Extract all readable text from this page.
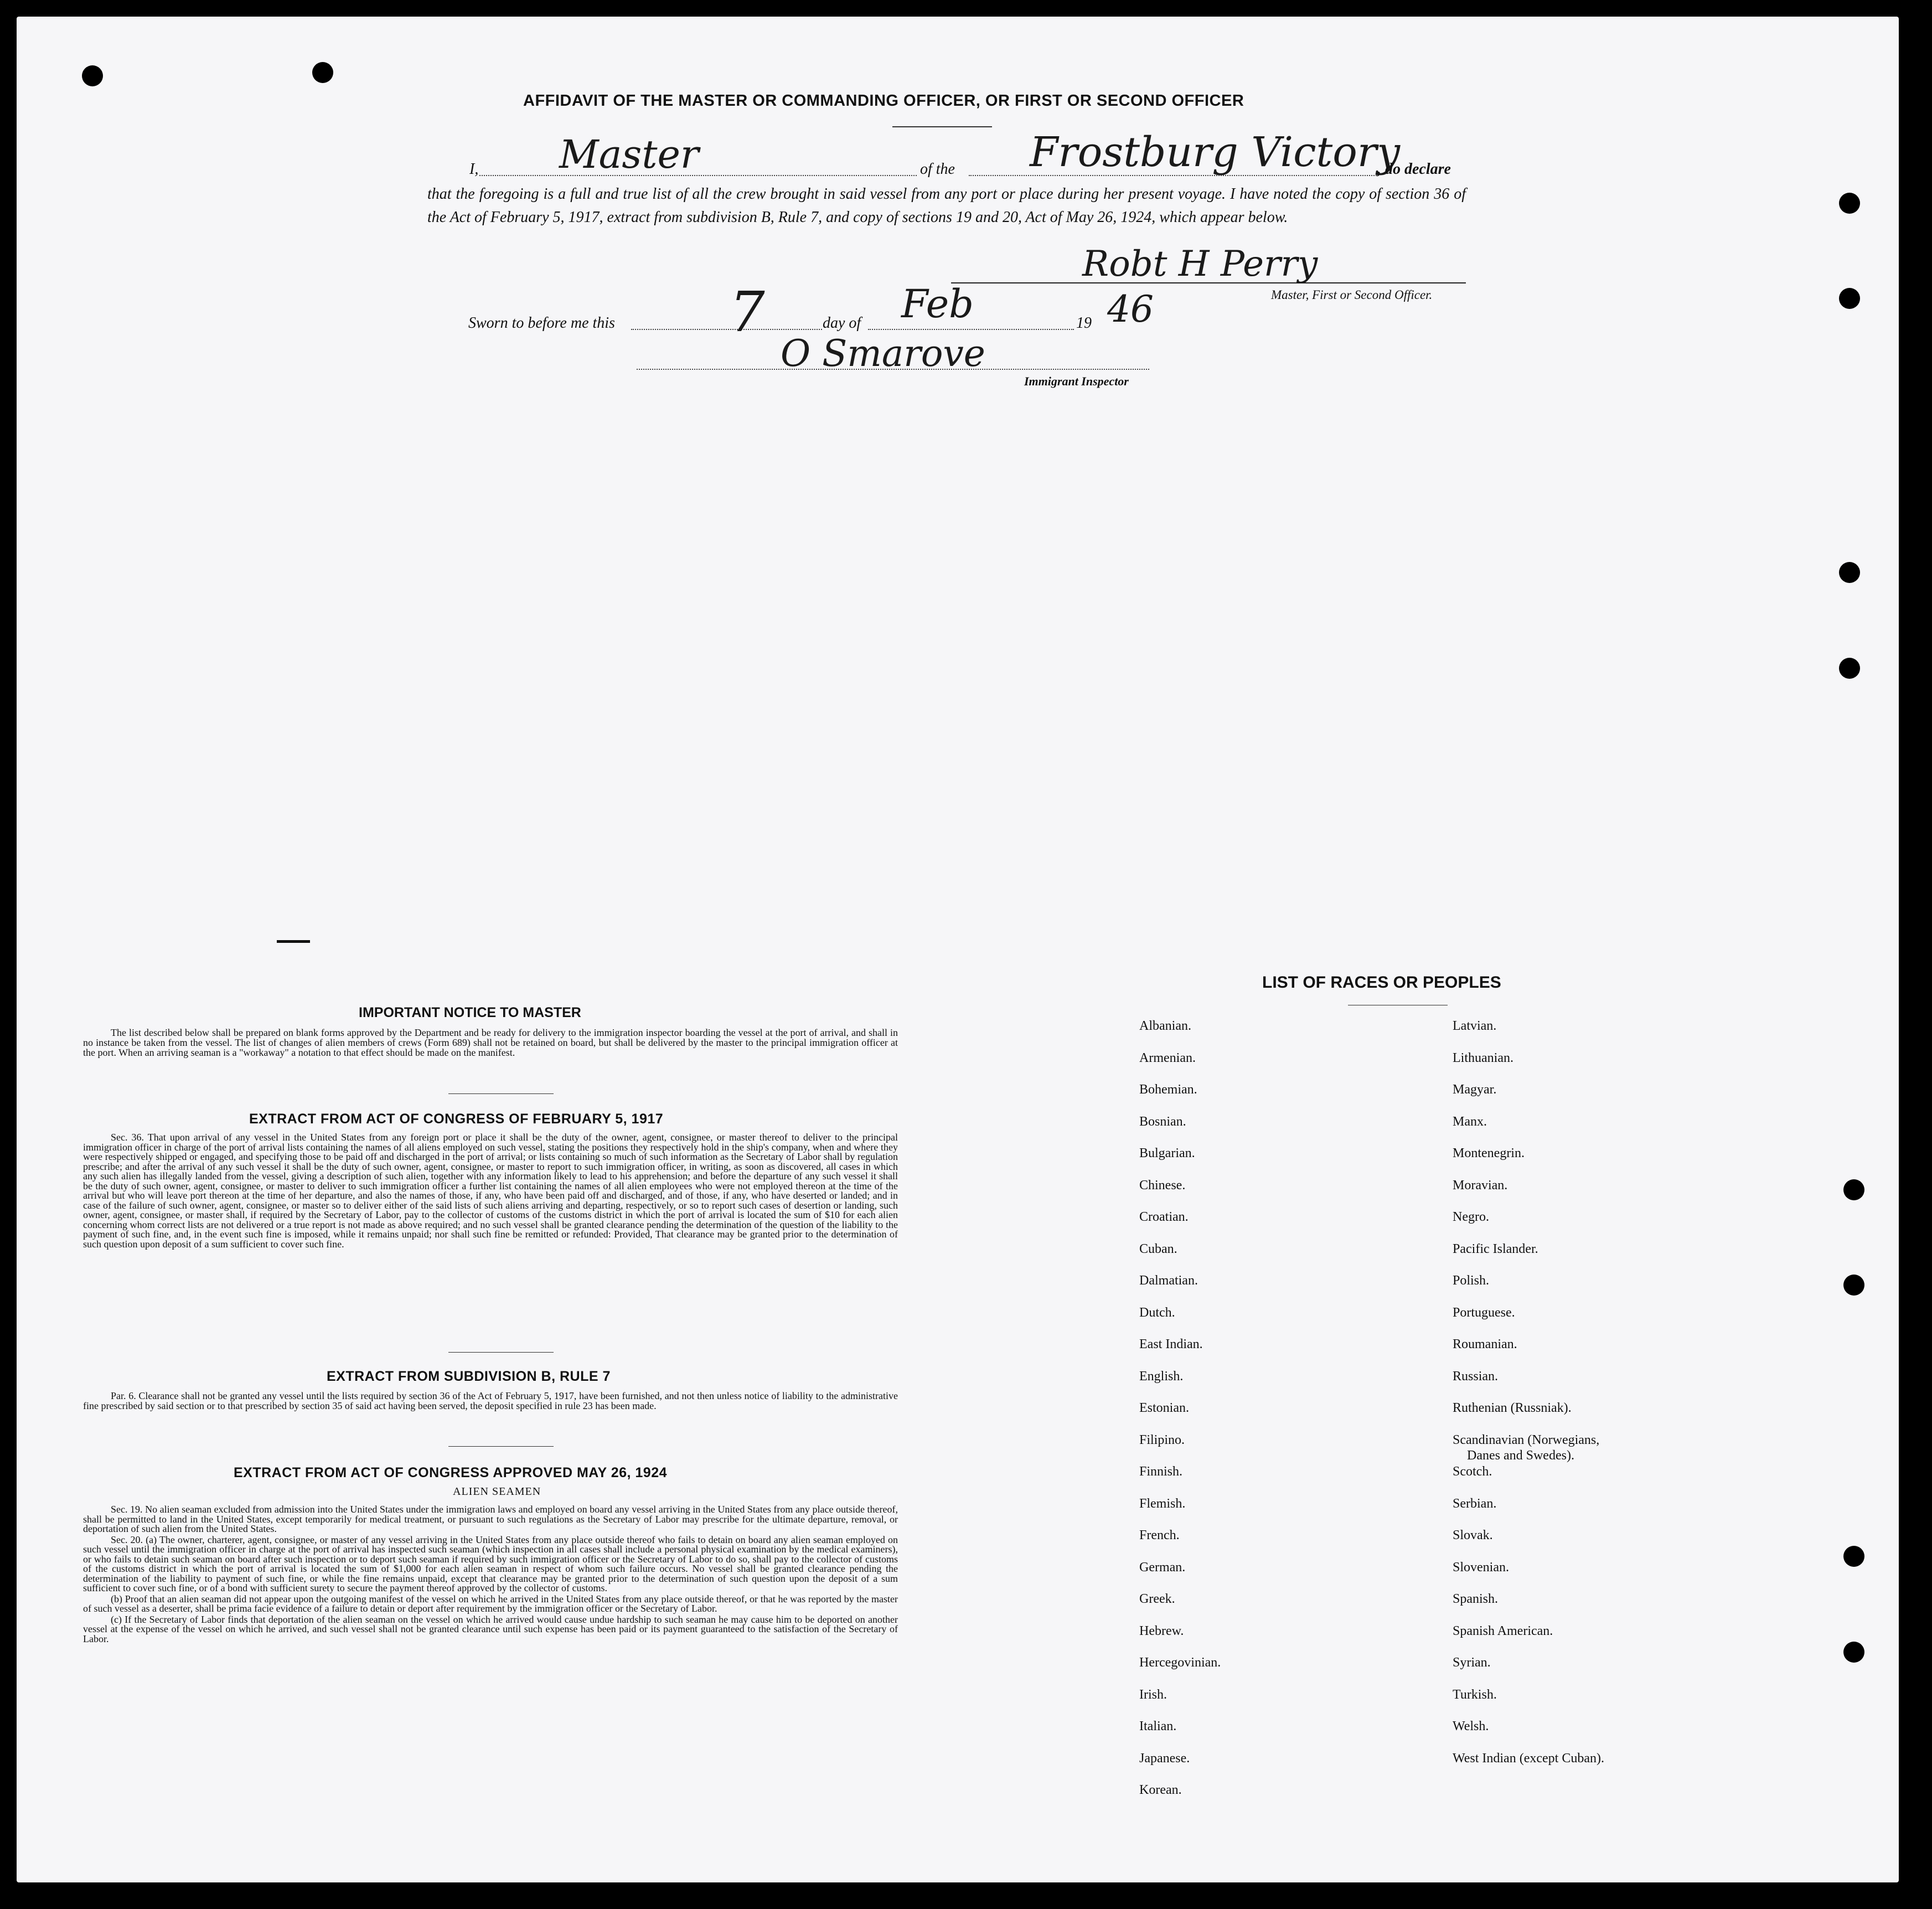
AFFIDAVIT OF THE MASTER OR COMMANDING OFFICER, OR FIRST OR SECOND OFFICER
I, Master	of the Frostburg Victory
, do declare
that the foregoing is a full and true list of all the crew brought in said vessel from any port or place during her present voyage. I have noted the copy of section 36 of the Act of February 5, 1917, extract from subdivision B, Rule 7, and copy of sections 19 and 20, Act of May 26, 1924, which appear below.
Robt H Perry
Master, First or Second Officer.
Sworn to before me this 7	day of Feb	19 46
O Smarove
Immigrant Inspector
IMPORTANT NOTICE TO MASTER

The list described below shall be prepared on blank forms approved by the Department and be ready for delivery to the immigration inspector boarding the vessel at the port of arrival, and shall in no instance be taken from the vessel. The list of changes of alien members of crews (Form 689) shall not be retained on board, but shall be delivered by the master to the principal immigration officer at the port. When an arriving seaman is a "workaway" a notation to that effect should be made on the manifest.

EXTRACT FROM ACT OF CONGRESS OF FEBRUARY 5, 1917

Sec. 36. That upon arrival of any vessel in the United States from any foreign port or place it shall be the duty of the owner, agent, consignee, or master thereof to deliver to the principal immigration officer in charge of the port of arrival lists containing the names of all aliens employed on such vessel, stating the positions they respectively hold in the ship's company, when and where they were respectively shipped or engaged, and specifying those to be paid off and discharged in the port of arrival; or lists containing so much of such information as the Secretary of Labor shall by regulation prescribe; and after the arrival of any such vessel it shall be the duty of such owner, agent, consignee, or master to report to such immigration officer, in writing, as soon as discovered, all cases in which any such alien has illegally landed from the vessel, giving a description of such alien, together with any information likely to lead to his apprehension; and before the departure of any such vessel it shall be the duty of such owner, agent, consignee, or master to deliver to such immigration officer a further list containing the names of all alien employees who were not employed thereon at the time of the arrival but who will leave port thereon at the time of her departure, and also the names of those, if any, who have been paid off and discharged, and of those, if any, who have deserted or landed; and in case of the failure of such owner, agent, consignee, or master so to deliver either of the said lists of such aliens arriving and departing, respectively, or so to report such cases of desertion or landing, such owner, agent, consignee, or master shall, if required by the Secretary of Labor, pay to the collector of customs of the customs district in which the port of arrival is located the sum of $10 for each alien concerning whom correct lists are not delivered or a true report is not made as above required; and no such vessel shall be granted clearance pending the determination of the question of the liability to the payment of such fine, and, in the event such fine is imposed, while it remains unpaid; nor shall such fine be remitted or refunded: Provided, That clearance may be granted prior to the determination of such question upon deposit of a sum sufficient to cover such fine.

EXTRACT FROM SUBDIVISION B, RULE 7

Par. 6. Clearance shall not be granted any vessel until the lists required by section 36 of the Act of February 5, 1917, have been furnished, and not then unless notice of liability to the administrative fine prescribed by said section or to that prescribed by section 35 of said act having been served, the deposit specified in rule 23 has been made.

EXTRACT FROM ACT OF CONGRESS APPROVED MAY 26, 1924
ALIEN SEAMEN

Sec. 19. No alien seaman excluded from admission into the United States under the immigration laws and employed on board any vessel arriving in the United States from any place outside thereof, shall be permitted to land in the United States, except temporarily for medical treatment, or pursuant to such regulations as the Secretary of Labor may prescribe for the ultimate departure, removal, or deportation of such alien from the United States.

Sec. 20. (a) The owner, charterer, agent, consignee, or master of any vessel arriving in the United States from any place outside thereof who fails to detain on board any alien seaman employed on such vessel until the immigration officer in charge at the port of arrival has inspected such seaman (which inspection in all cases shall include a personal physical examination by the medical examiners), or who fails to detain such seaman on board after such inspection or to deport such seaman if required by such immigration officer or the Secretary of Labor to do so, shall pay to the collector of customs of the customs district in which the port of arrival is located the sum of $1,000 for each alien seaman in respect of whom such failure occurs. No vessel shall be granted clearance pending the determination of the liability to payment of such fine, or while the fine remains unpaid, except that clearance may be granted prior to the determination of such question upon the deposit of a sum sufficient to cover such fine, or of a bond with sufficient surety to secure the payment thereof approved by the collector of customs.

(b) Proof that an alien seaman did not appear upon the outgoing manifest of the vessel on which he arrived in the United States from any place outside thereof, or that he was reported by the master of such vessel as a deserter, shall be prima facie evidence of a failure to detain or deport after requirement by the immigration officer or the Secretary of Labor.

(c) If the Secretary of Labor finds that deportation of the alien seaman on the vessel on which he arrived would cause undue hardship to such seaman he may cause him to be deported on another vessel at the expense of the vessel on which he arrived, and such vessel shall not be granted clearance until such expense has been paid or its payment guaranteed to the satisfaction of the Secretary of Labor.

LIST OF RACES OR PEOPLES
Albanian.
Armenian.
Bohemian.
Bosnian.
Bulgarian.
Chinese.
Croatian.
Cuban.
Dalmatian.
Dutch.
East Indian.
English.
Estonian.
Filipino.
Finnish.
Flemish.
French.
German.
Greek.
Hebrew.
Hercegovinian.
Irish.
Italian.
Japanese.
Korean.
Latvian.
Lithuanian.
Magyar.
Manx.
Montenegrin.
Moravian.
Negro.
Pacific Islander.
Polish.
Portuguese.
Roumanian.
Russian.
Ruthenian (Russniak).
Scandinavian (Norwegians,
Danes and Swedes).
Scotch.
Serbian.
Slovak.
Slovenian.
Spanish.
Spanish American.
Syrian.
Turkish.
Welsh.
West Indian (except Cuban).
